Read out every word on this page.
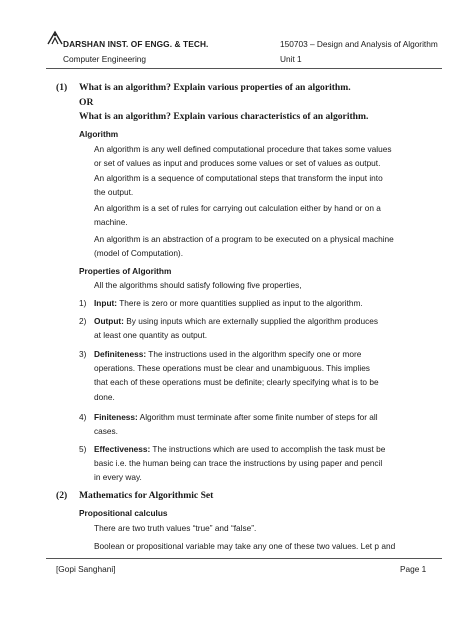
DARSHAN INST. OF ENGG. & TECH.	150703 – Design and Analysis of Algorithm
Computer Engineering	Unit 1
(1) What is an algorithm? Explain various properties of an algorithm.
OR
What is an algorithm? Explain various characteristics of an algorithm.
Algorithm
An algorithm is any well defined computational procedure that takes some values
or set of values as input and produces some values or set of values as output.
An algorithm is a sequence of computational steps that transform the input into
the output.
An algorithm is a set of rules for carrying out calculation either by hand or on a
machine.
An algorithm is an abstraction of a program to be executed on a physical machine
(model of Computation).
Properties of Algorithm
All the algorithms should satisfy following five properties,
1) Input: There is zero or more quantities supplied as input to the algorithm.
2) Output: By using inputs which are externally supplied the algorithm produces
at least one quantity as output.
3) Definiteness: The instructions used in the algorithm specify one or more
operations. These operations must be clear and unambiguous. This implies
that each of these operations must be definite; clearly specifying what is to be
done.
4) Finiteness: Algorithm must terminate after some finite number of steps for all
cases.
5) Effectiveness: The instructions which are used to accomplish the task must be
basic i.e. the human being can trace the instructions by using paper and pencil
in every way.
(2) Mathematics for Algorithmic Set
Propositional calculus
There are two truth values “true” and “false”.
Boolean or propositional variable may take any one of these two values. Let p and
[Gopi Sanghani]	Page 1
